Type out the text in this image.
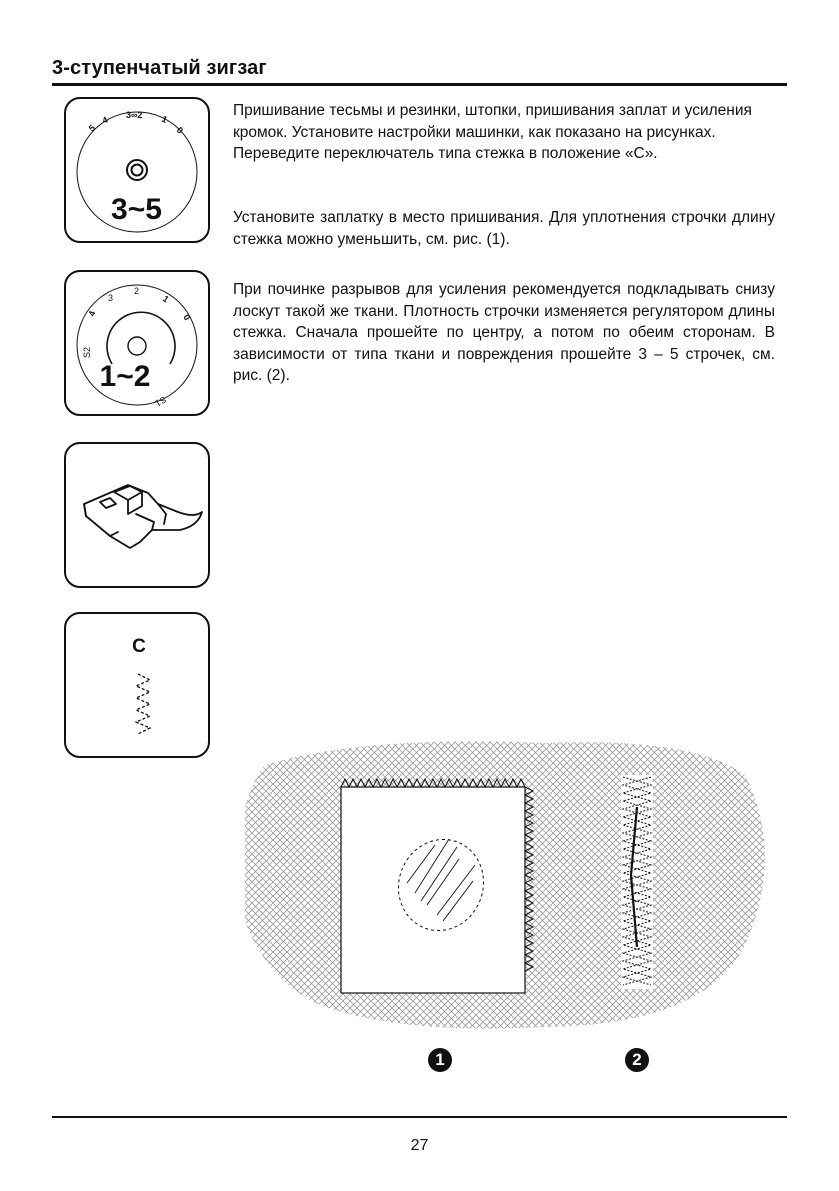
3-ступенчатый зигзаг
5
4 3∞2 1
0
3~5
4
3
2
1
0
S1
S2
1~2
C

Пришивание тесьмы и резинки, штопки, пришивания заплат и усиления кромок. Установите настройки машинки, как показано на рисунках. Переведите переключатель типа стежка в положение «С».

Установите заплатку в место пришивания. Для уплотнения строчки длину стежка можно уменьшить, см. рис. (1).

При починке разрывов для усиления рекомендуется подкладывать снизу лоскут такой же ткани. Плотность строчки изменяется регулятором длины стежка. Сначала прошейте по центру, а потом по обеим сторонам. В зависимости от типа ткани и повреждения прошейте 3 – 5 строчек, см. рис. (2).

1	2
27
